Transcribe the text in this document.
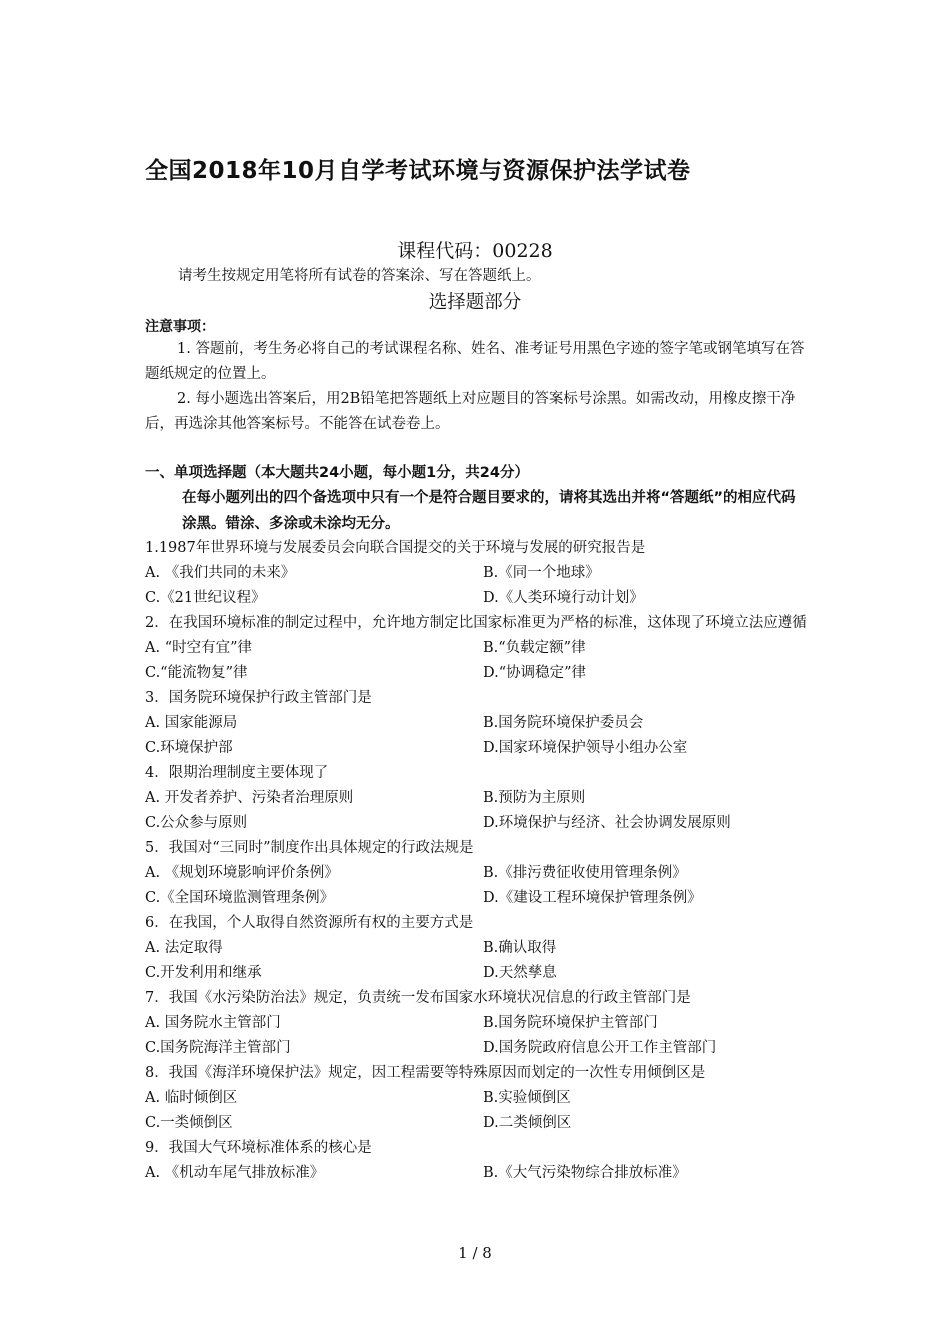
全国2018年10月自学考试环境与资源保护法学试卷
课程代码：00228
请考生按规定用笔将所有试卷的答案涂、写在答题纸上。
选择题部分
注意事项：

1. 答题前，考生务必将自己的考试课程名称、姓名、准考证号用黑色字迹的签字笔或钢笔填写在答题纸规定的位置上。

2. 每小题选出答案后，用2B铅笔把答题纸上对应题目的答案标号涂黑。如需改动，用橡皮擦干净后，再选涂其他答案标号。不能答在试卷卷上。

一、单项选择题（本大题共24小题，每小题1分，共24分）
在每小题列出的四个备选项中只有一个是符合题目要求的，请将其选出并将“答题纸”的相应代码涂黑。错涂、多涂或未涂均无分。
1.1987年世界环境与发展委员会向联合国提交的关于环境与发展的研究报告是
A. 《我们共同的未来》	B.《同一个地球》
C.《21世纪议程》	D.《人类环境行动计划》
2．在我国环境标准的制定过程中，允许地方制定比国家标准更为严格的标准，这体现了环境立法应遵循
A. “时空有宜”律	B.“负载定额”律
C.“能流物复”律	D.“协调稳定”律
3．国务院环境保护行政主管部门是
A. 国家能源局	B.国务院环境保护委员会
C.环境保护部	D.国家环境保护领导小组办公室
4．限期治理制度主要体现了
A. 开发者养护、污染者治理原则	B.预防为主原则
C.公众参与原则	D.环境保护与经济、社会协调发展原则
5．我国对“三同时”制度作出具体规定的行政法规是
A. 《规划环境影响评价条例》	B.《排污费征收使用管理条例》
C.《全国环境监测管理条例》	D.《建设工程环境保护管理条例》
6．在我国，个人取得自然资源所有权的主要方式是
A. 法定取得	B.确认取得
C.开发利用和继承	D.天然孳息
7．我国《水污染防治法》规定，负责统一发布国家水环境状况信息的行政主管部门是
A. 国务院水主管部门	B.国务院环境保护主管部门
C.国务院海洋主管部门	D.国务院政府信息公开工作主管部门
8．我国《海洋环境保护法》规定，因工程需要等特殊原因而划定的一次性专用倾倒区是
A. 临时倾倒区	B.实验倾倒区
C.一类倾倒区	D.二类倾倒区
9．我国大气环境标准体系的核心是
A. 《机动车尾气排放标准》	B.《大气污染物综合排放标准》
1 / 8
